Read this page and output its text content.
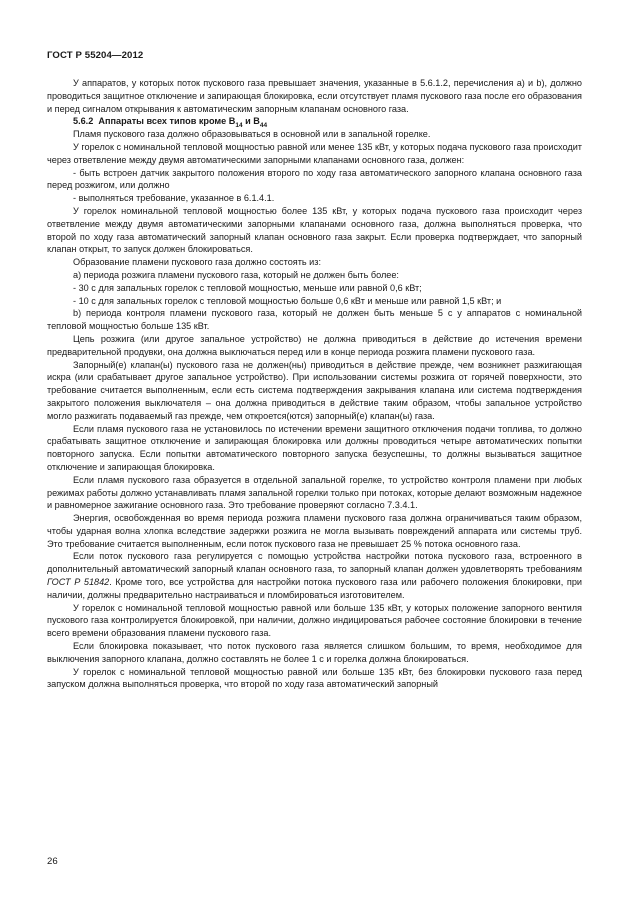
ГОСТ Р 55204—2012

У аппаратов, у которых поток пускового газа превышает значения, указанные в 5.6.1.2, перечисления а) и b), должно проводиться защитное отключение и запирающая блокировка, если отсутствует пламя пускового газа после его образования и перед сигналом открывания к автоматическим запорным клапанам основного газа.

5.6.2 Аппараты всех типов кроме $B_{14}$ и $B_{44}$

Пламя пускового газа должно образовываться в основной или в запальной горелке.

У горелок с номинальной тепловой мощностью равной или менее 135 кВт, у которых подача пускового газа происходит через ответвление между двумя автоматическими запорными клапанами основного газа, должен:

- быть встроен датчик закрытого положения второго по ходу газа автоматического запорного клапана основного газа перед розжигом, или должно

- выполняться требование, указанное в 6.1.4.1.

У горелок номинальной тепловой мощностью более 135 кВт, у которых подача пускового газа происходит через ответвление между двумя автоматическими запорными клапанами основного газа, должна выполняться проверка, что второй по ходу газа автоматический запорный клапан основного газа закрыт. Если проверка подтверждает, что запорный клапан открыт, то запуск должен блокироваться.

Образование пламени пускового газа должно состоять из:

а) периода розжига пламени пускового газа, который не должен быть более:

- 30 с для запальных горелок с тепловой мощностью, меньше или равной 0,6 кВт;

- 10 с для запальных горелок с тепловой мощностью больше 0,6 кВт и меньше или равной 1,5 кВт; и

b) периода контроля пламени пускового газа, который не должен быть меньше 5 с у аппаратов с номинальной тепловой мощностью больше 135 кВт.

Цепь розжига (или другое запальное устройство) не должна приводиться в действие до истечения времени предварительной продувки, она должна выключаться перед или в конце периода розжига пламени пускового газа.

Запорный(е) клапан(ы) пускового газа не должен(ны) приводиться в действие прежде, чем возникнет разжигающая искра (или срабатывает другое запальное устройство). При использовании системы розжига от горячей поверхности, это требование считается выполненным, если есть система подтверждения закрывания клапана или система подтверждения закрытого положения выключателя – она должна приводиться в действие таким образом, чтобы запальное устройство могло разжигать подаваемый газ прежде, чем откроется(ются) запорный(е) клапан(ы) газа.

Если пламя пускового газа не установилось по истечении времени защитного отключения подачи топлива, то должно срабатывать защитное отключение и запирающая блокировка или должны проводиться четыре автоматических попытки повторного запуска. Если попытки автоматического повторного запуска безуспешны, то должны вызываться защитное отключение и запирающая блокировка.

Если пламя пускового газа образуется в отдельной запальной горелке, то устройство контроля пламени при любых режимах работы должно устанавливать пламя запальной горелки только при потоках, которые делают возможным надежное и равномерное зажигание основного газа. Это требование проверяют согласно 7.3.4.1.

Энергия, освобожденная во время периода розжига пламени пускового газа должна ограничиваться таким образом, чтобы ударная волна хлопка вследствие задержки розжига не могла вызывать повреждений аппарата или системы труб. Это требование считается выполненным, если поток пускового газа не превышает 25 % потока основного газа.

Если поток пускового газа регулируется с помощью устройства настройки потока пускового газа, встроенного в дополнительный автоматический запорный клапан основного газа, то запорный клапан должен удовлетворять требованиям ГОСТ Р 51842. Кроме того, все устройства для настройки потока пускового газа или рабочего положения блокировки, при наличии, должны предварительно настраиваться и пломбироваться изготовителем.

У горелок с номинальной тепловой мощностью равной или больше 135 кВт, у которых положение запорного вентиля пускового газа контролируется блокировкой, при наличии, должно индицироваться рабочее состояние блокировки в течение всего времени образования пламени пускового газа.

Если блокировка показывает, что поток пускового газа является слишком большим, то время, необходимое для выключения запорного клапана, должно составлять не более 1 с и горелка должна блокироваться.

У горелок с номинальной тепловой мощностью равной или больше 135 кВт, без блокировки пускового газа перед запуском должна выполняться проверка, что второй по ходу газа автоматический запорный

26
